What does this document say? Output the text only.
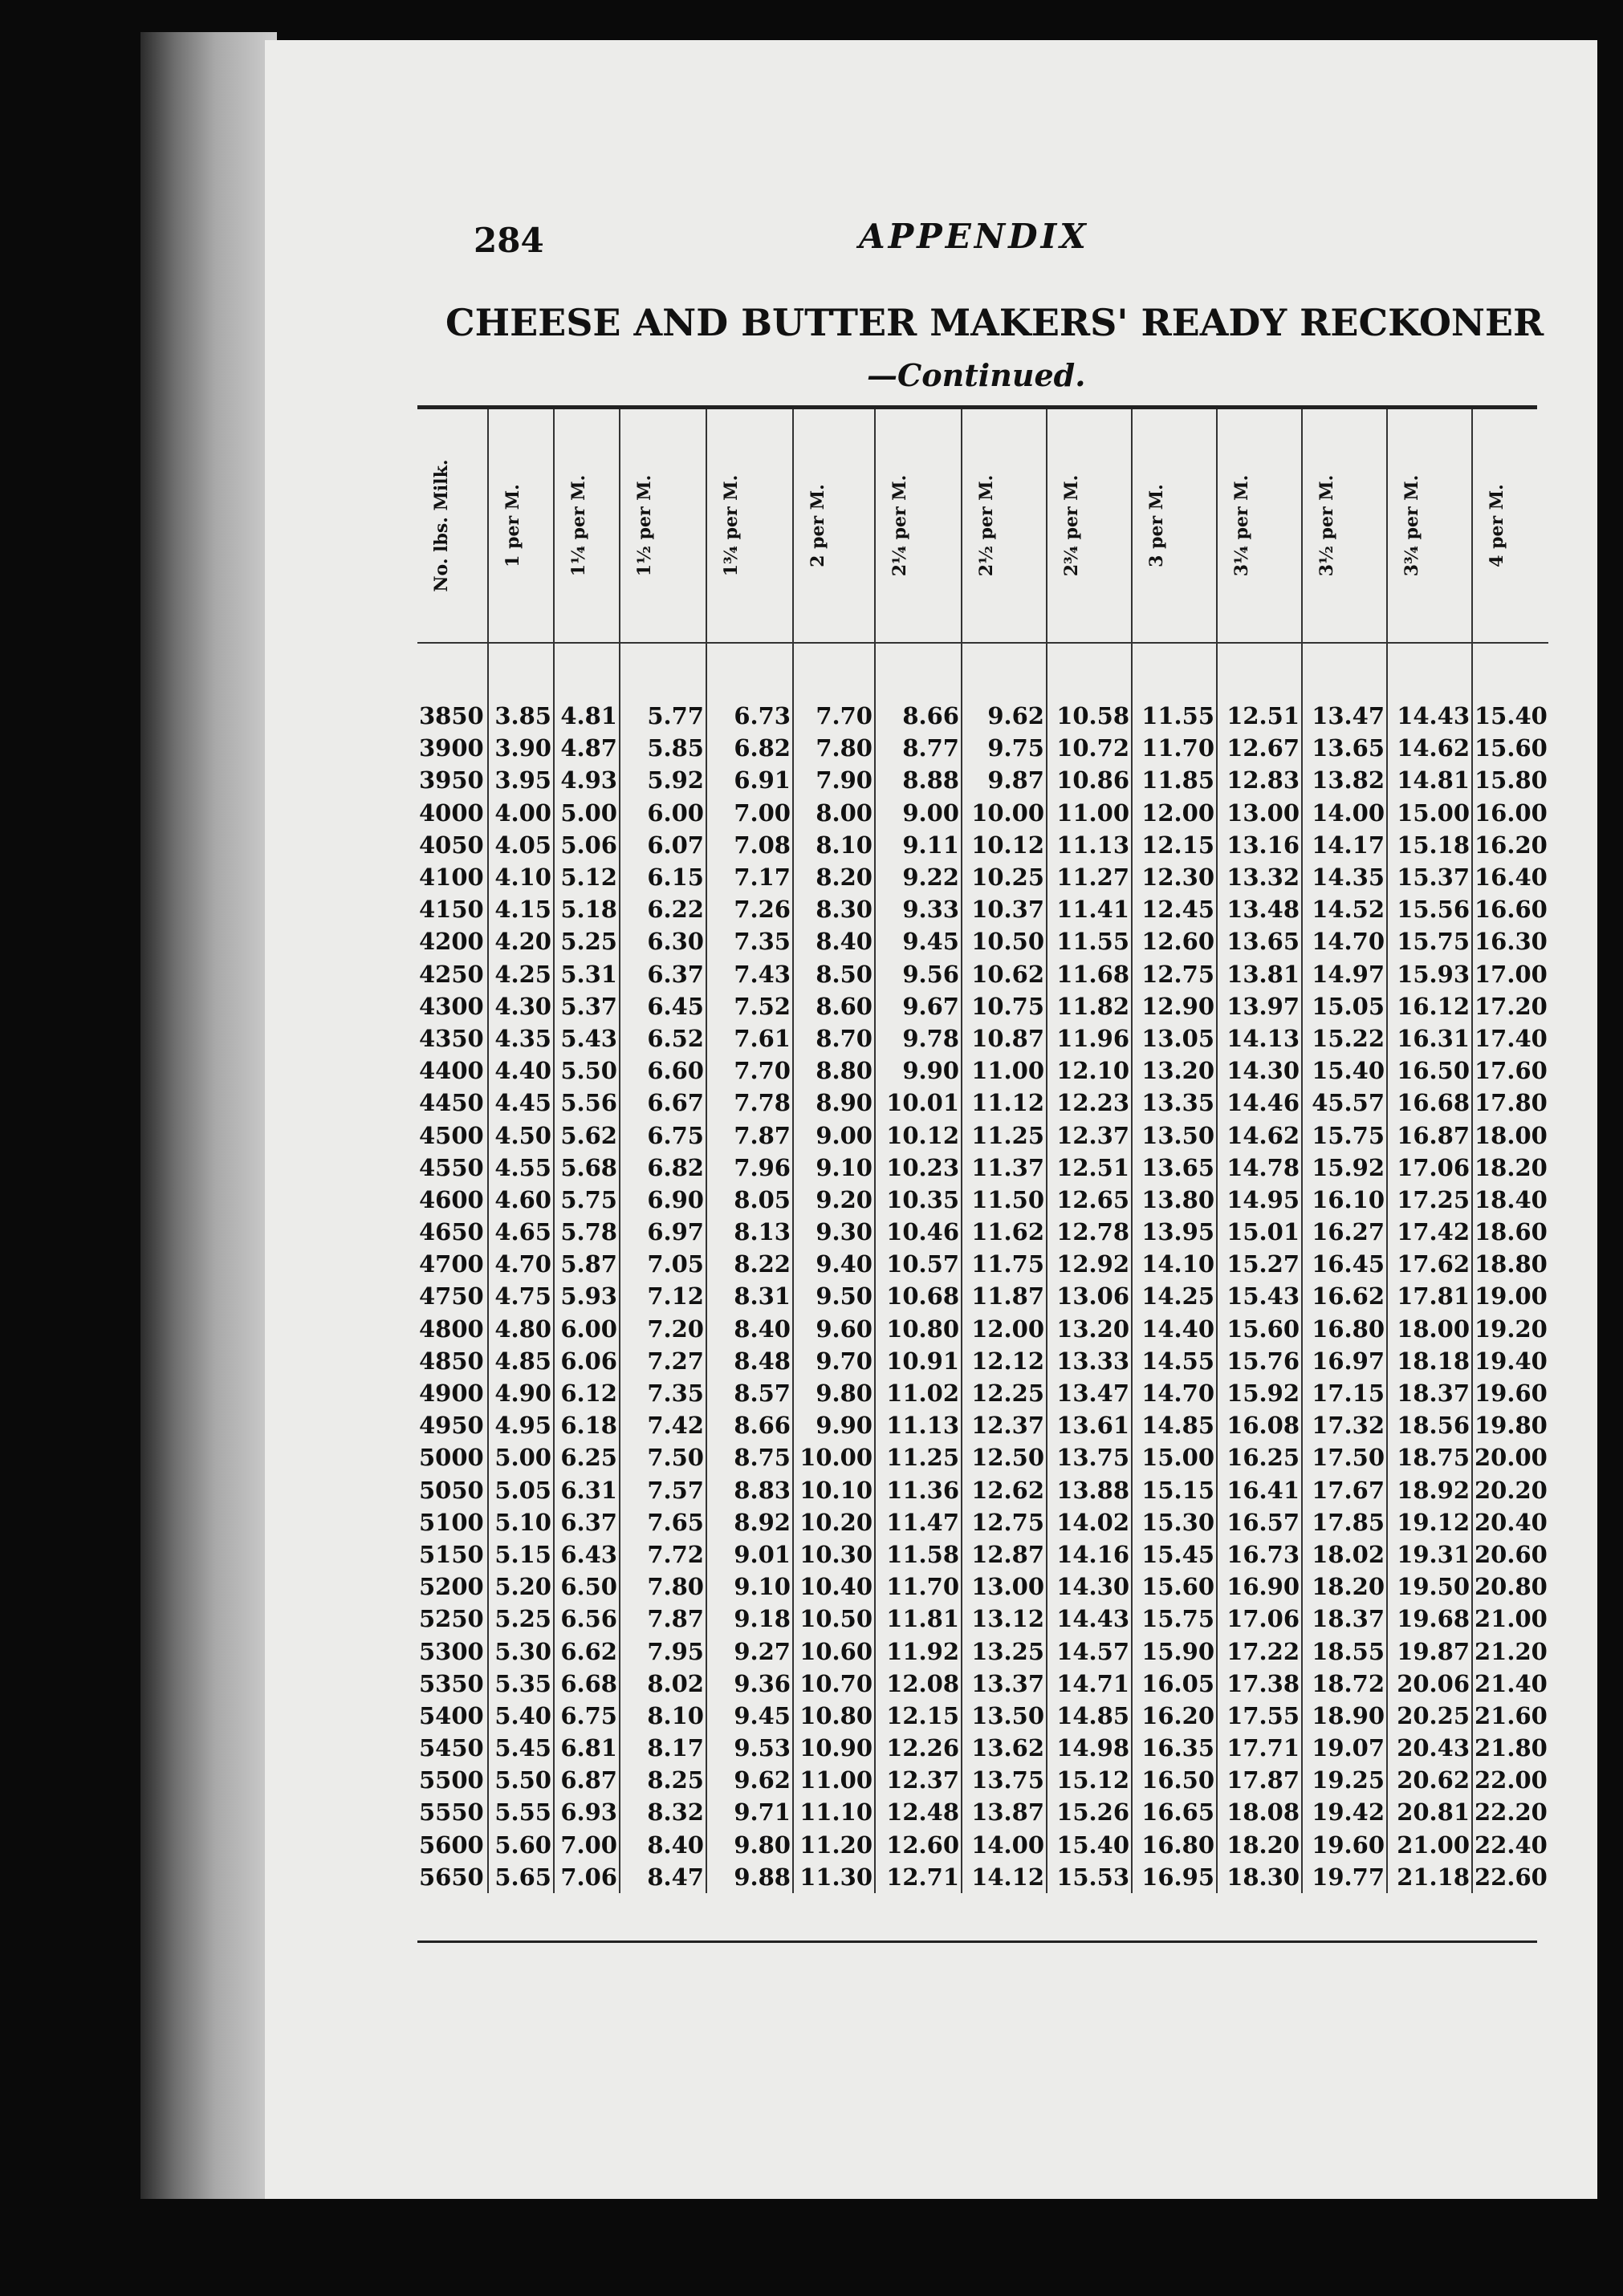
284	APPENDIX
CHEESE AND BUTTER MAKERS' READY RECKONER
—Continued.
No. lbs. Milk.	1 per M.	1¼ per M.	1½ per M.	1¾ per M.	2 per M.	2¼ per M.	2½ per M.	2¾ per M.	3 per M.	3¼ per M.	3½ per M.	3¾ per M.	4 per M.

3850	3.85	4.81	5.77	6.73	7.70	8.66	9.62	10.58	11.55	12.51	13.47	14.43	15.40
3900	3.90	4.87	5.85	6.82	7.80	8.77	9.75	10.72	11.70	12.67	13.65	14.62	15.60
3950	3.95	4.93	5.92	6.91	7.90	8.88	9.87	10.86	11.85	12.83	13.82	14.81	15.80
4000	4.00	5.00	6.00	7.00	8.00	9.00	10.00	11.00	12.00	13.00	14.00	15.00	16.00
4050	4.05	5.06	6.07	7.08	8.10	9.11	10.12	11.13	12.15	13.16	14.17	15.18	16.20
4100	4.10	5.12	6.15	7.17	8.20	9.22	10.25	11.27	12.30	13.32	14.35	15.37	16.40
4150	4.15	5.18	6.22	7.26	8.30	9.33	10.37	11.41	12.45	13.48	14.52	15.56	16.60
4200	4.20	5.25	6.30	7.35	8.40	9.45	10.50	11.55	12.60	13.65	14.70	15.75	16.30
4250	4.25	5.31	6.37	7.43	8.50	9.56	10.62	11.68	12.75	13.81	14.97	15.93	17.00
4300	4.30	5.37	6.45	7.52	8.60	9.67	10.75	11.82	12.90	13.97	15.05	16.12	17.20
4350	4.35	5.43	6.52	7.61	8.70	9.78	10.87	11.96	13.05	14.13	15.22	16.31	17.40
4400	4.40	5.50	6.60	7.70	8.80	9.90	11.00	12.10	13.20	14.30	15.40	16.50	17.60
4450	4.45	5.56	6.67	7.78	8.90	10.01	11.12	12.23	13.35	14.46	45.57	16.68	17.80
4500	4.50	5.62	6.75	7.87	9.00	10.12	11.25	12.37	13.50	14.62	15.75	16.87	18.00
4550	4.55	5.68	6.82	7.96	9.10	10.23	11.37	12.51	13.65	14.78	15.92	17.06	18.20
4600	4.60	5.75	6.90	8.05	9.20	10.35	11.50	12.65	13.80	14.95	16.10	17.25	18.40
4650	4.65	5.78	6.97	8.13	9.30	10.46	11.62	12.78	13.95	15.01	16.27	17.42	18.60
4700	4.70	5.87	7.05	8.22	9.40	10.57	11.75	12.92	14.10	15.27	16.45	17.62	18.80
4750	4.75	5.93	7.12	8.31	9.50	10.68	11.87	13.06	14.25	15.43	16.62	17.81	19.00
4800	4.80	6.00	7.20	8.40	9.60	10.80	12.00	13.20	14.40	15.60	16.80	18.00	19.20
4850	4.85	6.06	7.27	8.48	9.70	10.91	12.12	13.33	14.55	15.76	16.97	18.18	19.40
4900	4.90	6.12	7.35	8.57	9.80	11.02	12.25	13.47	14.70	15.92	17.15	18.37	19.60
4950	4.95	6.18	7.42	8.66	9.90	11.13	12.37	13.61	14.85	16.08	17.32	18.56	19.80
5000	5.00	6.25	7.50	8.75	10.00	11.25	12.50	13.75	15.00	16.25	17.50	18.75	20.00
5050	5.05	6.31	7.57	8.83	10.10	11.36	12.62	13.88	15.15	16.41	17.67	18.92	20.20
5100	5.10	6.37	7.65	8.92	10.20	11.47	12.75	14.02	15.30	16.57	17.85	19.12	20.40
5150	5.15	6.43	7.72	9.01	10.30	11.58	12.87	14.16	15.45	16.73	18.02	19.31	20.60
5200	5.20	6.50	7.80	9.10	10.40	11.70	13.00	14.30	15.60	16.90	18.20	19.50	20.80
5250	5.25	6.56	7.87	9.18	10.50	11.81	13.12	14.43	15.75	17.06	18.37	19.68	21.00
5300	5.30	6.62	7.95	9.27	10.60	11.92	13.25	14.57	15.90	17.22	18.55	19.87	21.20
5350	5.35	6.68	8.02	9.36	10.70	12.08	13.37	14.71	16.05	17.38	18.72	20.06	21.40
5400	5.40	6.75	8.10	9.45	10.80	12.15	13.50	14.85	16.20	17.55	18.90	20.25	21.60
5450	5.45	6.81	8.17	9.53	10.90	12.26	13.62	14.98	16.35	17.71	19.07	20.43	21.80
5500	5.50	6.87	8.25	9.62	11.00	12.37	13.75	15.12	16.50	17.87	19.25	20.62	22.00
5550	5.55	6.93	8.32	9.71	11.10	12.48	13.87	15.26	16.65	18.08	19.42	20.81	22.20
5600	5.60	7.00	8.40	9.80	11.20	12.60	14.00	15.40	16.80	18.20	19.60	21.00	22.40
5650	5.65	7.06	8.47	9.88	11.30	12.71	14.12	15.53	16.95	18.30	19.77	21.18	22.60
